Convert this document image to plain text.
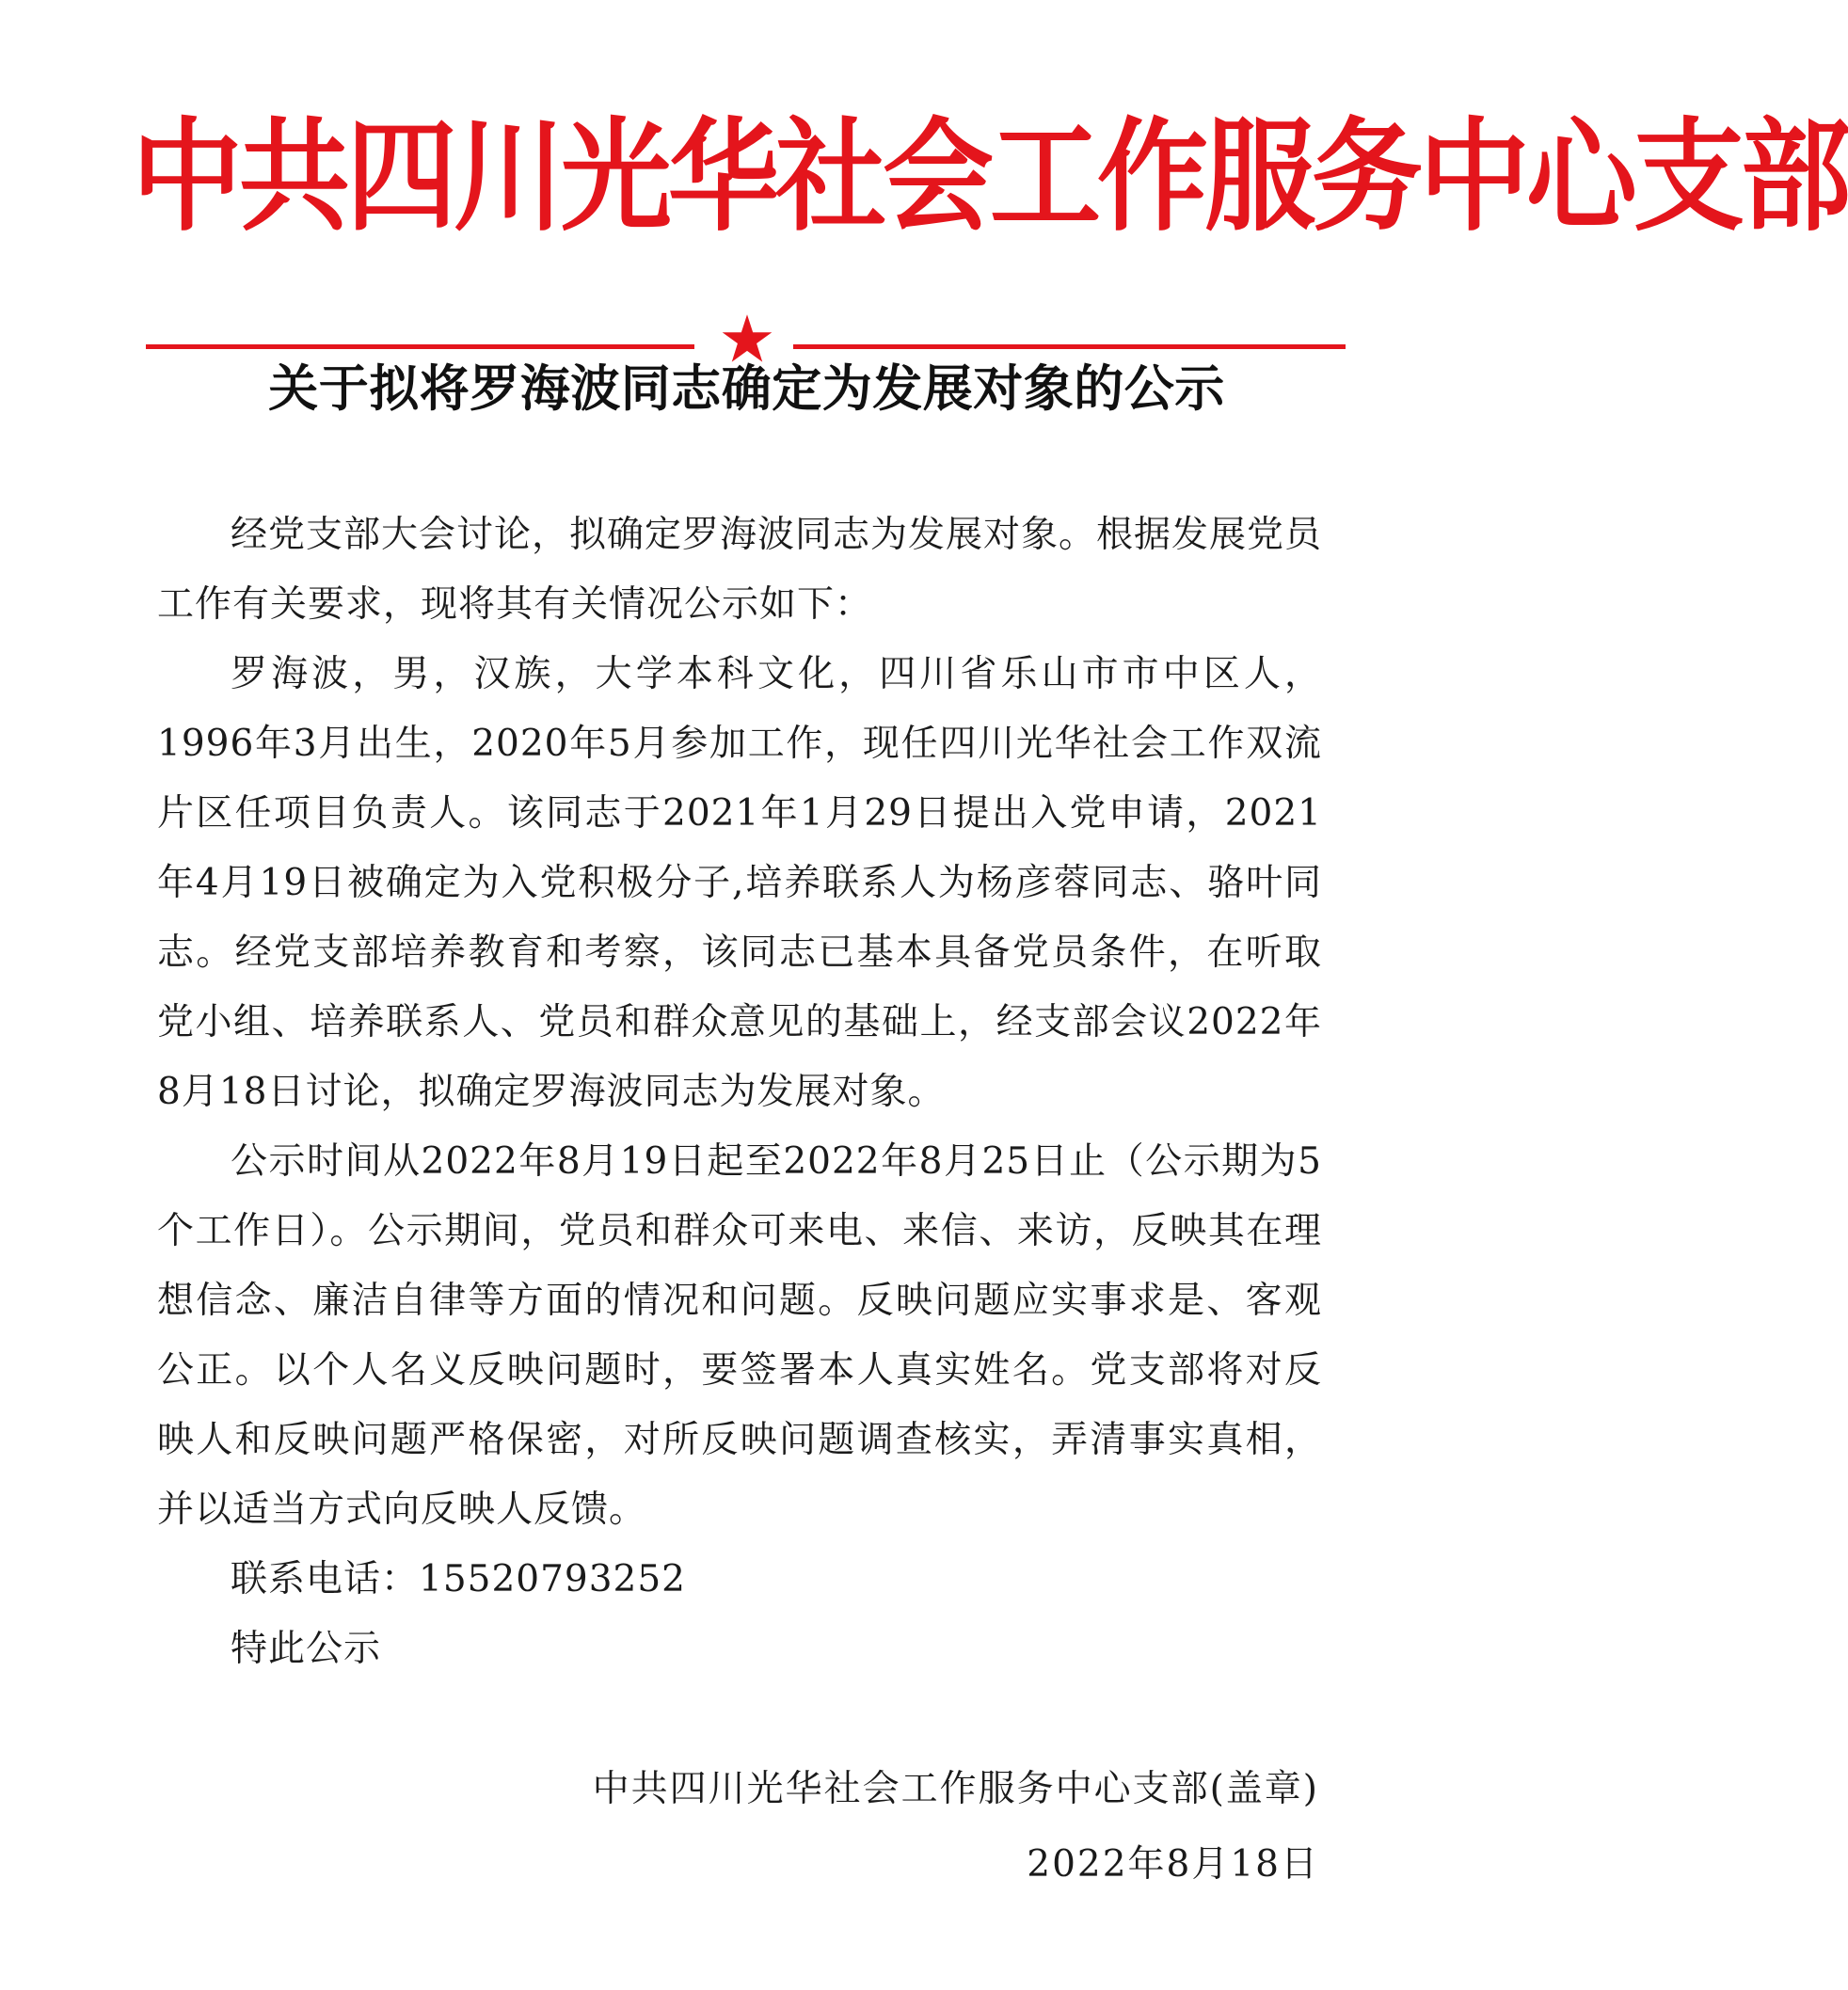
中共四川光华社会工作服务中心支部
关于拟将罗海波同志确定为发展对象的公示

经党支部大会讨论，拟确定罗海波同志为发展对象。根据发展党员工作有关要求，现将其有关情况公示如下：

罗海波，男，汉族，大学本科文化，四川省乐山市市中区人，1996年3月出生，2020年5月参加工作，现任四川光华社会工作双流片区任项目负责人。该同志于2021年1月29日提出入党申请，2021年4月19日被确定为入党积极分子,培养联系人为杨彦蓉同志、骆叶同志。经党支部培养教育和考察，该同志已基本具备党员条件，在听取党小组、培养联系人、党员和群众意见的基础上，经支部会议2022年8月18日讨论，拟确定罗海波同志为发展对象。

公示时间从2022年8月19日起至2022年8月25日止（公示期为5个工作日）。公示期间，党员和群众可来电、来信、来访，反映其在理想信念、廉洁自律等方面的情况和问题。反映问题应实事求是、客观公正。以个人名义反映问题时，要签署本人真实姓名。党支部将对反映人和反映问题严格保密，对所反映问题调查核实，弄清事实真相，并以适当方式向反映人反馈。

联系电话：15520793252

特此公示

中共四川光华社会工作服务中心支部(盖章)
2022年8月18日
